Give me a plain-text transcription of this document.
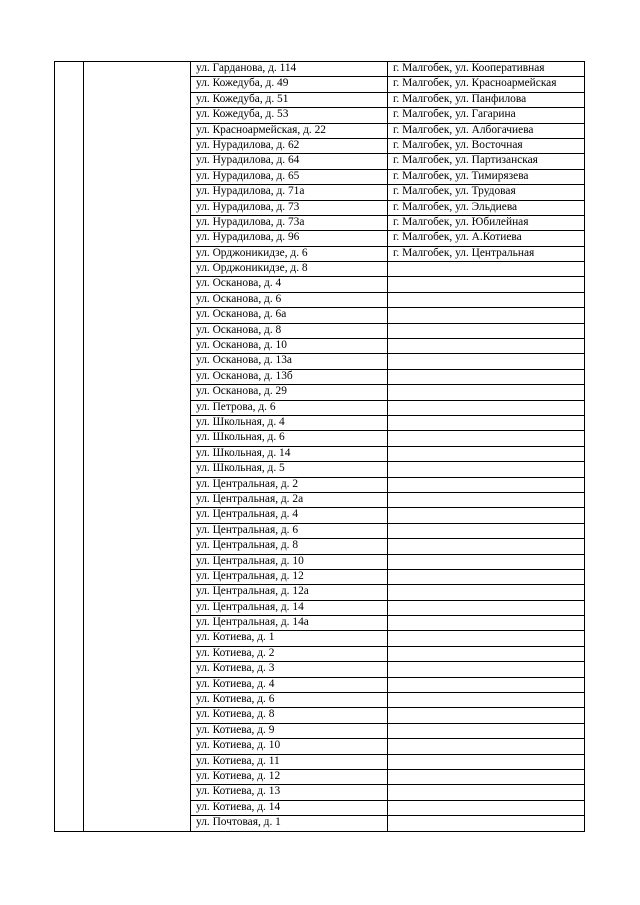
		ул. Гарданова, д. 114	г. Малгобек, ул. Кооперативная
		ул. Кожедуба, д. 49	г. Малгобек, ул. Красноармейская
		ул. Кожедуба, д. 51	г. Малгобек, ул. Панфилова
		ул. Кожедуба, д. 53	г. Малгобек, ул. Гагарина
		ул. Красноармейская, д. 22	г. Малгобек, ул. Албогачиева
		ул. Нурадилова, д. 62	г. Малгобек, ул. Восточная
		ул. Нурадилова, д. 64	г. Малгобек, ул. Партизанская
		ул. Нурадилова, д. 65	г. Малгобек, ул. Тимирязева
		ул. Нурадилова, д. 71а	г. Малгобек, ул. Трудовая
		ул. Нурадилова, д. 73	г. Малгобек, ул. Эльдиева
		ул. Нурадилова, д. 73а	г. Малгобек, ул. Юбилейная
		ул. Нурадилова, д. 96	г. Малгобек, ул. А.Котиева
		ул. Орджоникидзе, д. 6	г. Малгобек, ул. Центральная
		ул. Орджоникидзе, д. 8	
		ул. Осканова, д. 4	
		ул. Осканова, д. 6	
		ул. Осканова, д. 6а	
		ул. Осканова, д. 8	
		ул. Осканова, д. 10	
		ул. Осканова, д. 13а	
		ул. Осканова, д. 13б	
		ул. Осканова, д. 29	
		ул. Петрова, д. 6	
		ул. Школьная, д. 4	
		ул. Школьная, д. 6	
		ул. Школьная, д. 14	
		ул. Школьная, д. 5	
		ул. Центральная, д. 2	
		ул. Центральная, д. 2а	
		ул. Центральная, д. 4	
		ул. Центральная, д. 6	
		ул. Центральная, д. 8	
		ул. Центральная, д. 10	
		ул. Центральная, д. 12	
		ул. Центральная, д. 12а	
		ул. Центральная, д. 14	
		ул. Центральная, д. 14а	
		ул. Котиева, д. 1	
		ул. Котиева, д. 2	
		ул. Котиева, д. 3	
		ул. Котиева, д. 4	
		ул. Котиева, д. 6	
		ул. Котиева, д. 8	
		ул. Котиева, д. 9	
		ул. Котиева, д. 10	
		ул. Котиева, д. 11	
		ул. Котиева, д. 12	
		ул. Котиева, д. 13	
		ул. Котиева, д. 14	
		ул. Почтовая, д. 1	
